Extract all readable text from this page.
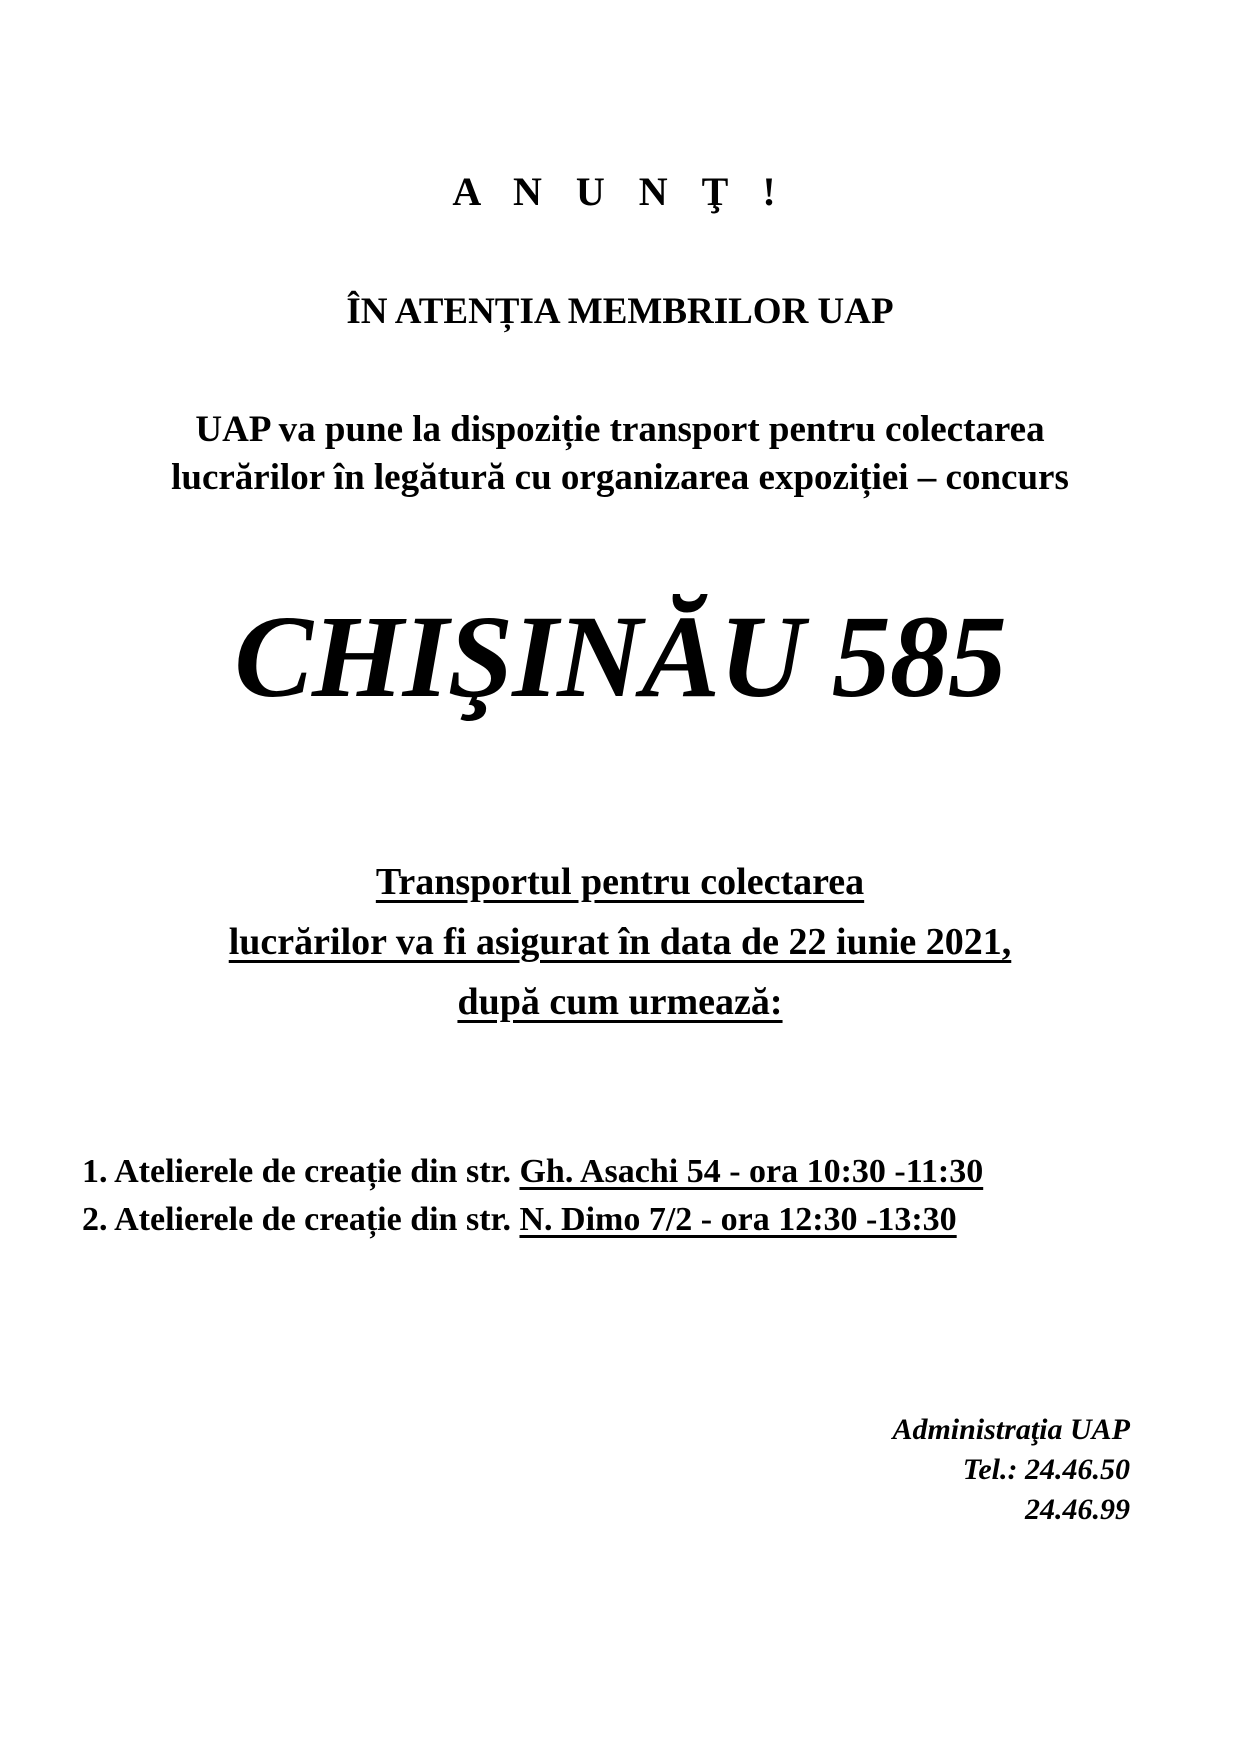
A N U N Ţ !
ÎN ATENȚIA MEMBRILOR UAP
UAP va pune la dispoziție transport pentru colectarea
lucrărilor în legătură cu organizarea expoziției – concurs
CHIŞINĂU 585
Transportul pentru colectarea
lucrărilor va fi asigurat în data de 22 iunie 2021,
după cum urmează:
1. Atelierele de creație din str. Gh. Asachi 54 - ora 10:30 -11:30
2. Atelierele de creație din str. N. Dimo 7/2 - ora 12:30 -13:30
Administraţia UAP
Tel.: 24.46.50
24.46.99
